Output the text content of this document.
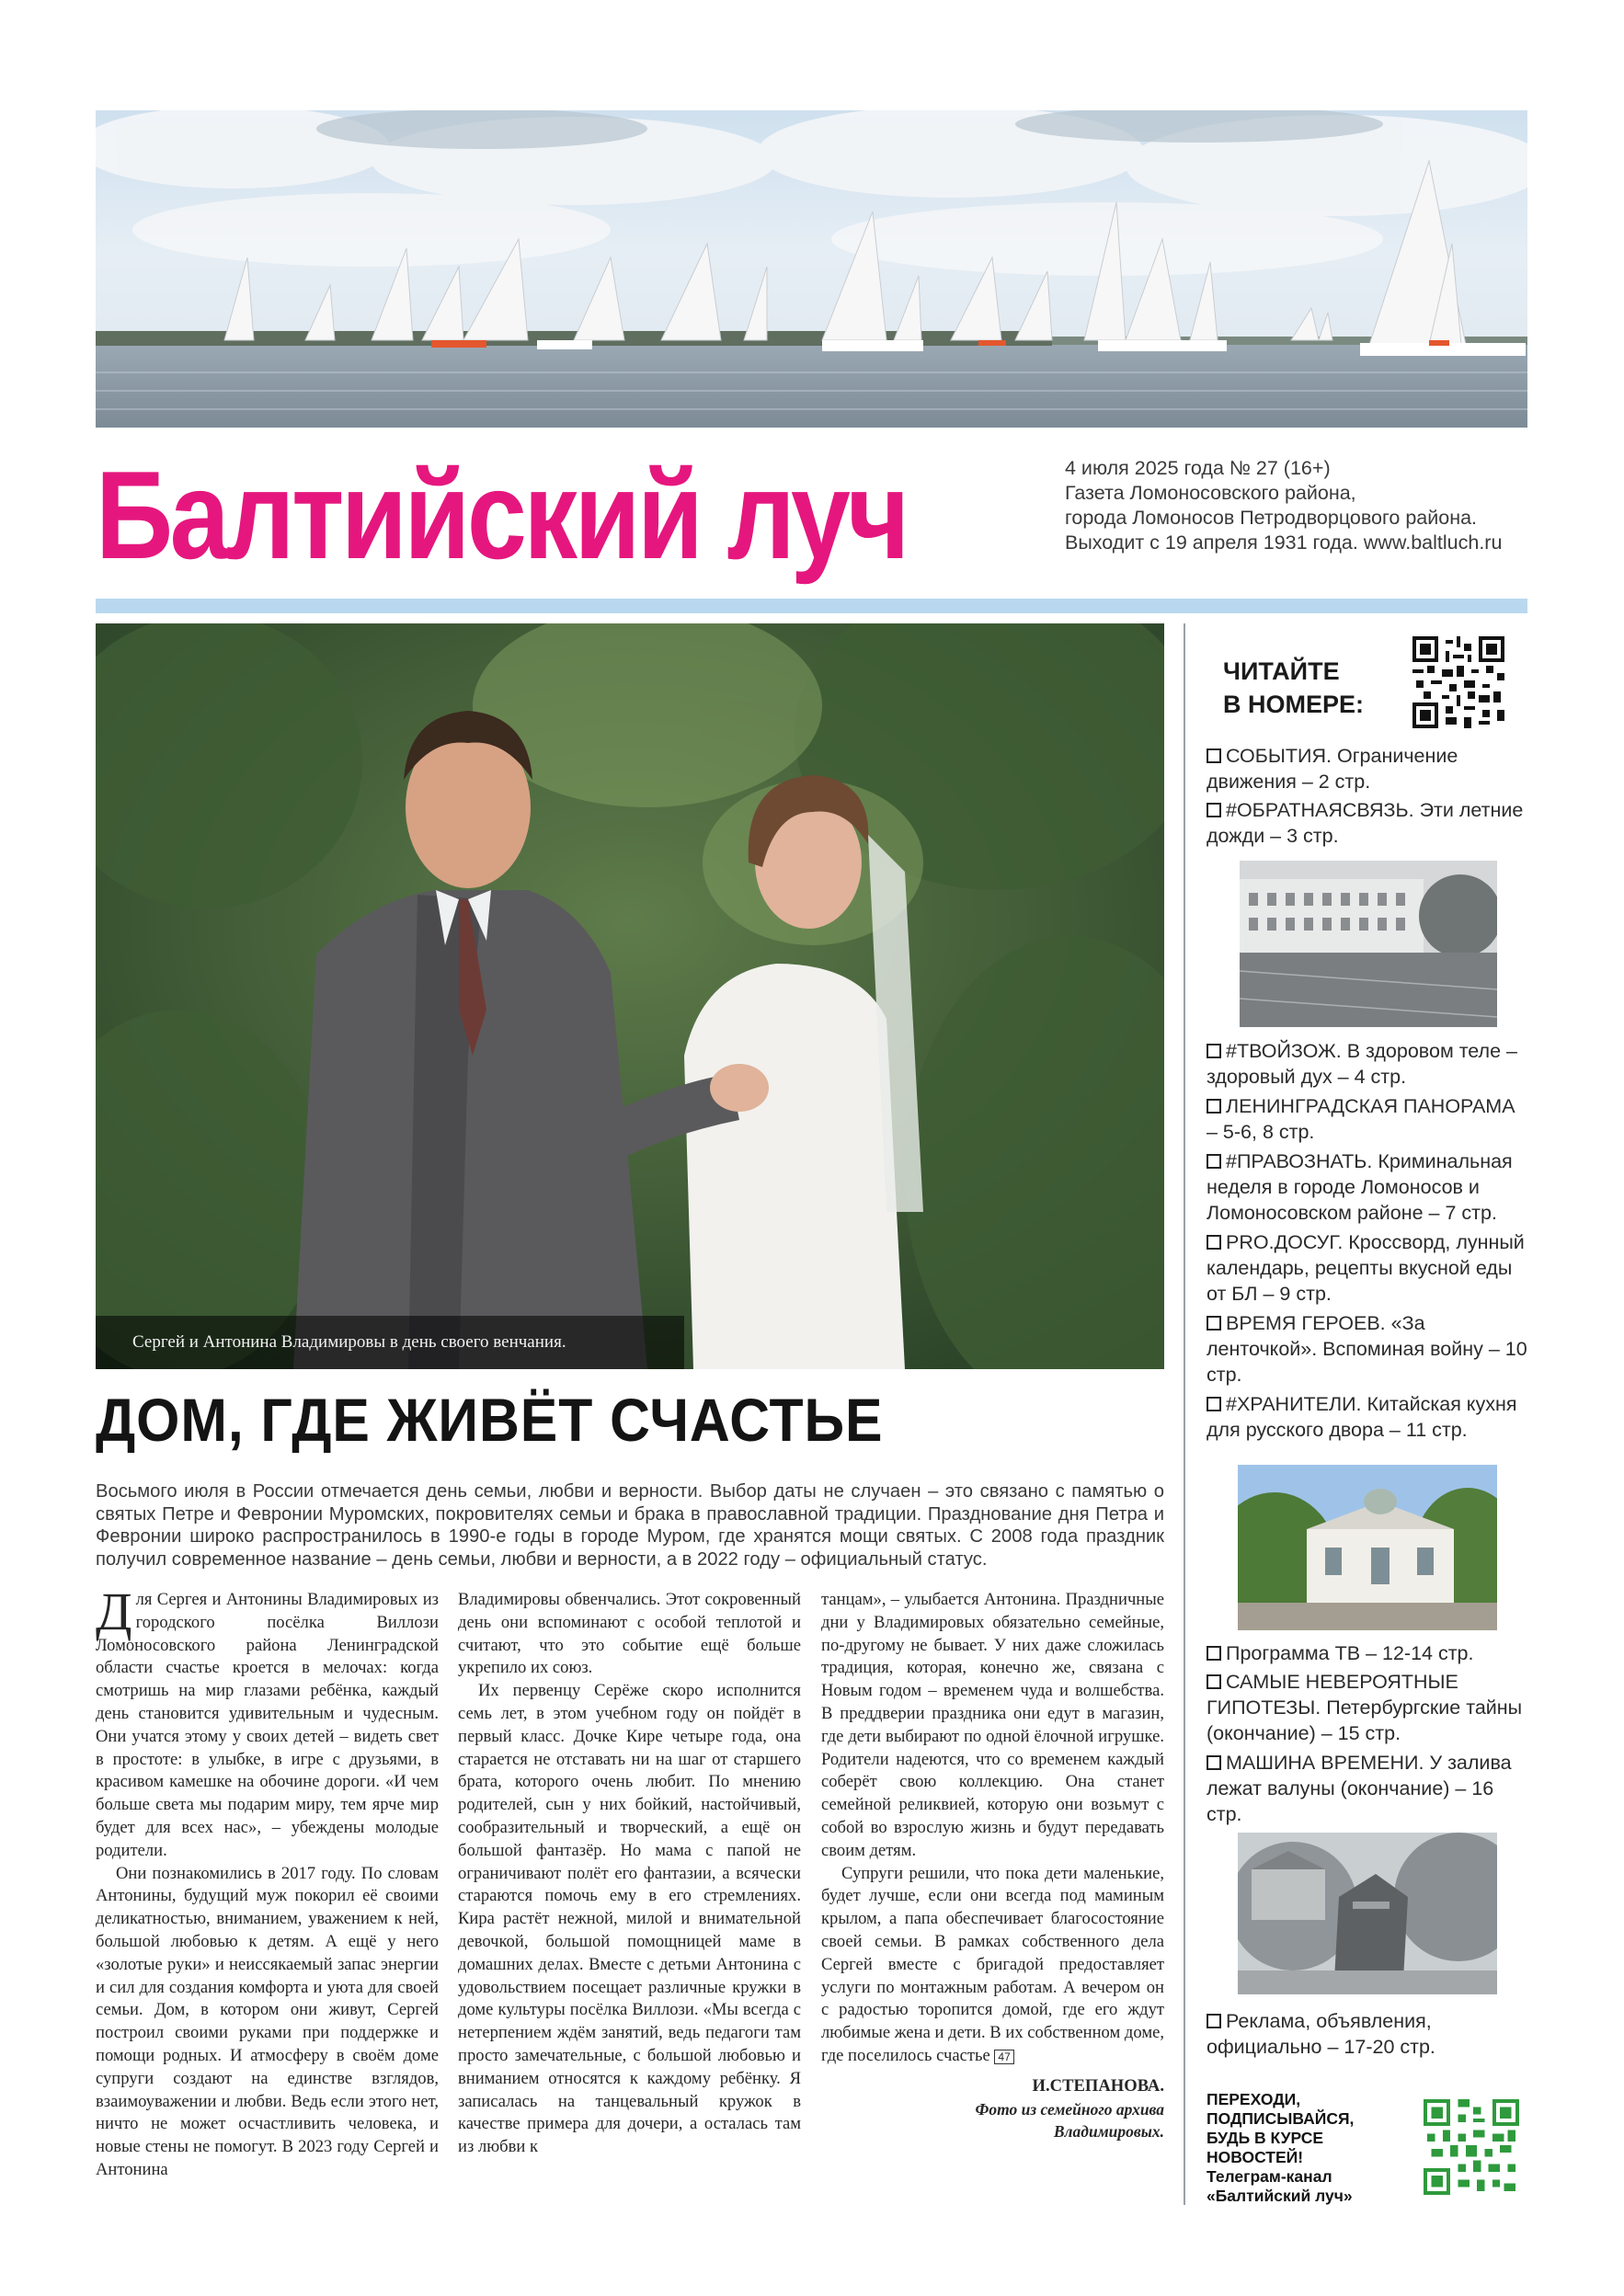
Балтийский луч	4 июля 2025 года № 27 (16+)
Газета Ломоносовского района,
города Ломоносов Петродворцового района.
Выходит с 19 апреля 1931 года. www.baltluch.ru
Сергей и Антонина Владимировы в день своего венчания.
ДОМ, ГДЕ ЖИВЁТ СЧАСТЬЕ
Восьмого июля в России отмечается день семьи, любви и верности. Выбор даты не случаен – это связано с памятью о святых Петре и Февронии Муромских, покровителях семьи и брака в православной традиции. Празднование дня Петра и Февронии широко распространилось в 1990-е годы в городе Муром, где хранятся мощи святых. С 2008 года праздник получил современное название – день семьи, любви и верности, а в 2022 году – официальный статус.

Для Сергея и Антонины Владимировых из городского посёлка Виллози Ломоносовского района Ленинградской области счастье кроется в мелочах: когда смотришь на мир глазами ребёнка, каждый день становится удивительным и чудесным. Они учатся этому у своих детей – видеть свет в простоте: в улыбке, в игре с друзьями, в красивом камешке на обочине дороги. «И чем больше света мы подарим миру, тем ярче мир будет для всех нас», – убеждены молодые родители.

Они познакомились в 2017 году. По словам Антонины, будущий муж покорил её своими деликатностью, вниманием, уважением к ней, большой любовью к детям. А ещё у него «золотые руки» и неиссякаемый запас энергии и сил для создания комфорта и уюта для своей семьи. Дом, в котором они живут, Сергей построил своими руками при поддержке и помощи родных. И атмосферу в своём доме супруги создают на единстве взглядов, взаимоуважении и любви. Ведь если этого нет, ничто не может осчастливить человека, и новые стены не помогут. В 2023 году Сергей и Антонина

Владимировы обвенчались. Этот сокровенный день они вспоминают с особой теплотой и считают, что это событие ещё больше укрепило их союз.

Их первенцу Серёже скоро исполнится семь лет, в этом учебном году он пойдёт в первый класс. Дочке Кире четыре года, она старается не отставать ни на шаг от старшего брата, которого очень любит. По мнению родителей, сын у них бойкий, настойчивый, сообразительный и творческий, а ещё он большой фантазёр. Но мама с папой не ограничивают полёт его фантазии, а всячески стараются помочь ему в его стремлениях. Кира растёт нежной, милой и внимательной девочкой, большой помощницей маме в домашних делах. Вместе с детьми Антонина с удовольствием посещает различные кружки в доме культуры посёлка Виллози. «Мы всегда с нетерпением ждём занятий, ведь педагоги там просто замечательные, с большой любовью и вниманием относятся к каждому ребёнку. Я записалась на танцевальный кружок в качестве примера для дочери, а осталась там из любви к

танцам», – улыбается Антонина. Праздничные дни у Владимировых обязательно семейные, по-другому не бывает. У них даже сложилась традиция, которая, конечно же, связана с Новым годом – временем чуда и волшебства. В преддверии праздника они едут в магазин, где дети выбирают по одной ёлочной игрушке. Родители надеются, что со временем каждый соберёт свою коллекцию. Она станет семейной реликвией, которую они возьмут с собой во взрослую жизнь и будут передавать своим детям.

Супруги решили, что пока дети маленькие, будет лучше, если они всегда под маминым крылом, а папа обеспечивает благосостояние своей семьи. В рамках собственного дела Сергей вместе с бригадой предоставляет услуги по монтажным работам. А вечером он с радостью торопится домой, где его ждут любимые жена и дети. В их собственном доме, где поселилось счастье 47

И.СТЕПАНОВА.
Фото из семейного архива
Владимировых.
ЧИТАЙТЕ
В НОМЕРЕ:
СОБЫТИЯ. Ограничение движения – 2 стр.
#ОБРАТНАЯСВЯЗЬ. Эти летние дожди – 3 стр.
#ТВОЙЗОЖ. В здоровом теле – здоровый дух – 4 стр.
ЛЕНИНГРАДСКАЯ ПАНОРАМА – 5-6, 8 стр.
#ПРАВОЗНАТЬ. Криминальная неделя в городе Ломоносов и Ломоносовском районе – 7 стр.
PRO.ДОСУГ. Кроссворд, лунный календарь, рецепты вкусной еды от БЛ – 9 стр.
ВРЕМЯ ГЕРОЕВ. «За ленточкой». Вспоминая войну – 10 стр.
#ХРАНИТЕЛИ. Китайская кухня для русского двора – 11 стр.
Программа ТВ – 12-14 стр.
САМЫЕ НЕВЕРОЯТНЫЕ ГИПОТЕЗЫ. Петербургские тайны (окончание) – 15 стр.
МАШИНА ВРЕМЕНИ. У залива лежат валуны (окончание) – 16 стр.
Реклама, объявления, официально – 17-20 стр.
ПЕРЕХОДИ,
ПОДПИСЫВАЙСЯ,
БУДЬ В КУРСЕ
НОВОСТЕЙ!
Телеграм-канал
«Балтийский луч»
